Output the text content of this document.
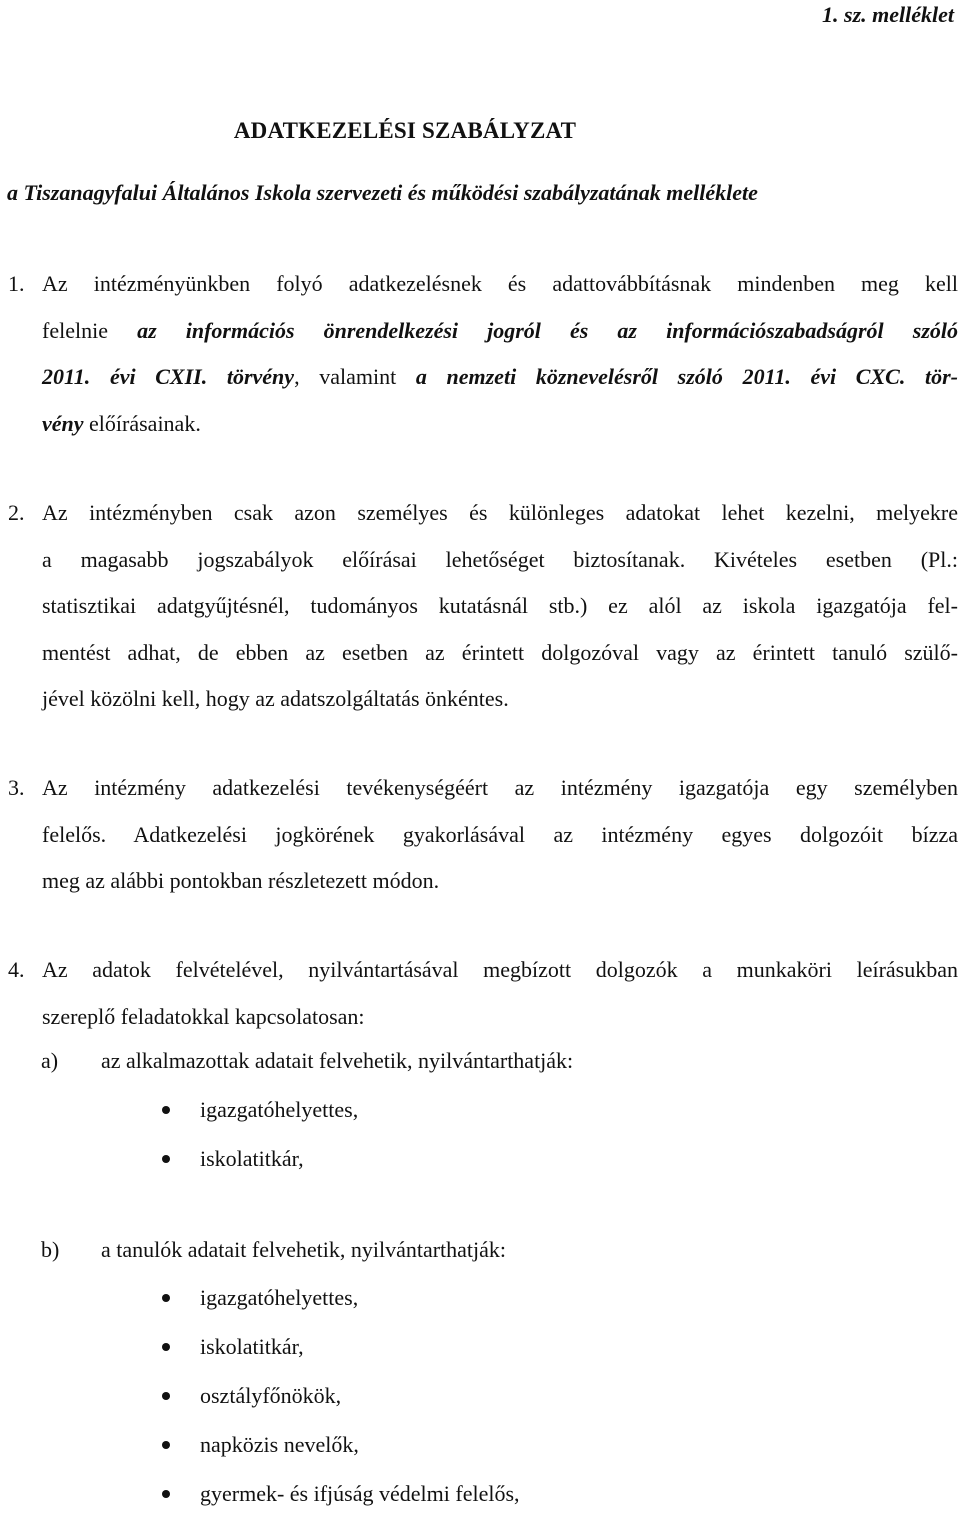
1. sz. melléklet
ADATKEZELÉSI SZABÁLYZAT
a Tiszanagyfalui Általános Iskola szervezeti és működési szabályzatának melléklete
1. Az intézményünkben folyó adatkezelésnek és adattovábbításnak mindenben meg kell
felelnie az információs önrendelkezési jogról és az információszabadságról szóló
2011. évi CXII. törvény, valamint a nemzeti köznevelésről szóló 2011. évi CXC. tör-
vény előírásainak.
2. Az intézményben csak azon személyes és különleges adatokat lehet kezelni, melyekre
a magasabb jogszabályok előírásai lehetőséget biztosítanak. Kivételes esetben (Pl.:
statisztikai adatgyűjtésnél, tudományos kutatásnál stb.) ez alól az iskola igazgatója fel-
mentést adhat, de ebben az esetben az érintett dolgozóval vagy az érintett tanuló szülő-
jével közölni kell, hogy az adatszolgáltatás önkéntes.
3. Az intézmény adatkezelési tevékenységéért az intézmény igazgatója egy személyben
felelős. Adatkezelési jogkörének gyakorlásával az intézmény egyes dolgozóit bízza
meg az alábbi pontokban részletezett módon.
4. Az adatok felvételével, nyilvántartásával megbízott dolgozók a munkaköri leírásukban
szereplő feladatokkal kapcsolatosan:
a) az alkalmazottak adatait felvehetik, nyilvántarthatják:
igazgatóhelyettes,
iskolatitkár,
b) a tanulók adatait felvehetik, nyilvántarthatják:
igazgatóhelyettes,
iskolatitkár,
osztályfőnökök,
napközis nevelők,
gyermek- és ifjúság védelmi felelős,
